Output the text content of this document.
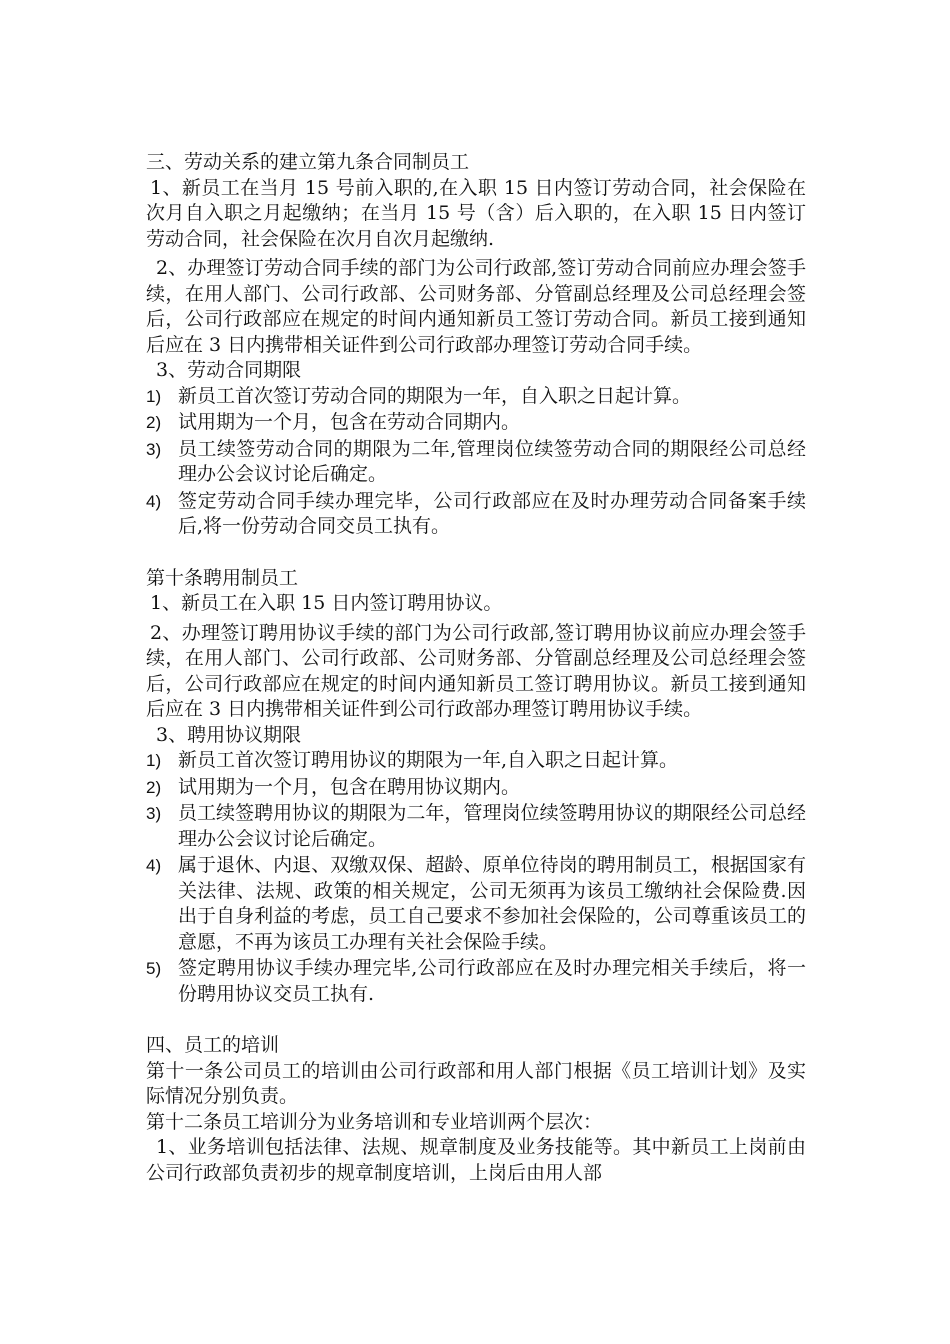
三、劳动关系的建立第九条合同制员工

1、新员工在当月 15 号前入职的,在入职 15 日内签订劳动合同，社会保险在次月自入职之月起缴纳；在当月 15 号（含）后入职的，在入职 15 日内签订劳动合同，社会保险在次月自次月起缴纳.

2、办理签订劳动合同手续的部门为公司行政部,签订劳动合同前应办理会签手续，在用人部门、公司行政部、公司财务部、分管副总经理及公司总经理会签后，公司行政部应在规定的时间内通知新员工签订劳动合同。新员工接到通知后应在 3 日内携带相关证件到公司行政部办理签订劳动合同手续。

3、劳动合同期限

1) 新员工首次签订劳动合同的期限为一年，自入职之日起计算。
2) 试用期为一个月，包含在劳动合同期内。
3) 员工续签劳动合同的期限为二年,管理岗位续签劳动合同的期限经公司总经理办公会议讨论后确定。
4) 签定劳动合同手续办理完毕，公司行政部应在及时办理劳动合同备案手续后,将一份劳动合同交员工执有。

第十条聘用制员工

1、新员工在入职 15 日内签订聘用协议。

2、办理签订聘用协议手续的部门为公司行政部,签订聘用协议前应办理会签手续，在用人部门、公司行政部、公司财务部、分管副总经理及公司总经理会签后，公司行政部应在规定的时间内通知新员工签订聘用协议。新员工接到通知后应在 3 日内携带相关证件到公司行政部办理签订聘用协议手续。

3、聘用协议期限

1) 新员工首次签订聘用协议的期限为一年,自入职之日起计算。
2) 试用期为一个月，包含在聘用协议期内。
3) 员工续签聘用协议的期限为二年，管理岗位续签聘用协议的期限经公司总经理办公会议讨论后确定。
4) 属于退休、内退、双缴双保、超龄、原单位待岗的聘用制员工，根据国家有关法律、法规、政策的相关规定，公司无须再为该员工缴纳社会保险费.因出于自身利益的考虑，员工自己要求不参加社会保险的，公司尊重该员工的意愿，不再为该员工办理有关社会保险手续。
5) 签定聘用协议手续办理完毕,公司行政部应在及时办理完相关手续后，将一份聘用协议交员工执有.

四、员工的培训

第十一条公司员工的培训由公司行政部和用人部门根据《员工培训计划》及实际情况分别负责。

第十二条员工培训分为业务培训和专业培训两个层次：

1、业务培训包括法律、法规、规章制度及业务技能等。其中新员工上岗前由公司行政部负责初步的规章制度培训，上岗后由用人部
